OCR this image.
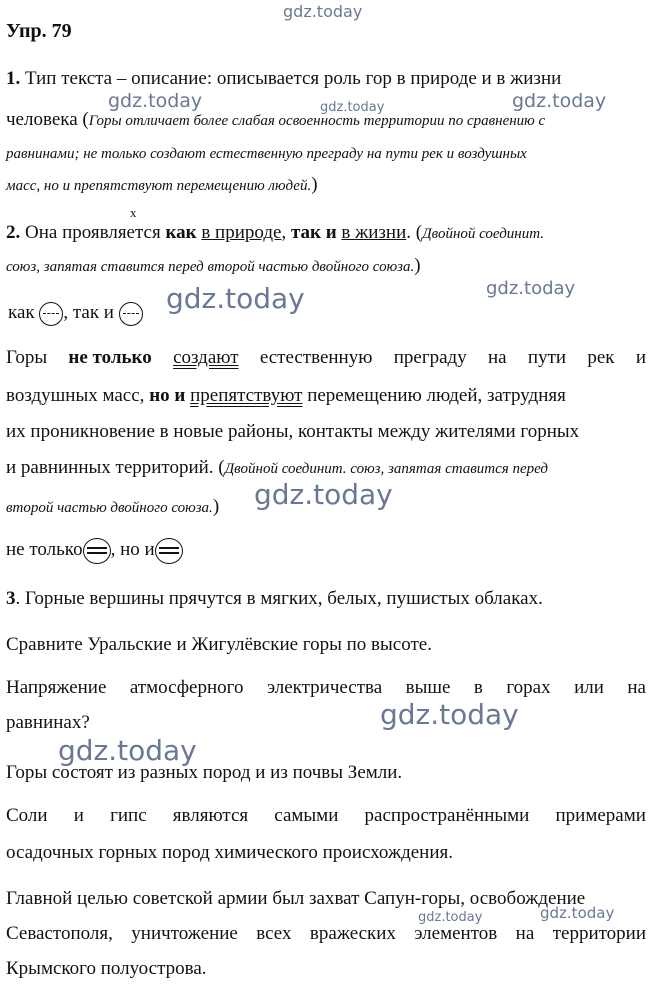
gdz.today
gdz.today	gdz.today	gdz.today
gdz.today
gdz.today
gdz.today
gdz.today
gdz.today
gdz.today	gdz.today
Упр. 79
1. Тип текста – описание: описывается роль гор в природе и в жизни
человека (Горы отличает более слабая освоенность территории по сравнению с
равнинами; не только создают естественную преграду на пути рек и воздушных
масс, но и препятствуют перемещению людей.)
x
2. Она проявляется как в природе, так и в жизни. (Двойной соединит.
союз, запятая ставится перед второй частью двойного союза.)
как , так и
Горы не только создают естественную преграду на пути рек и
воздушных масс, но и препятствуют перемещению людей, затрудняя
их проникновение в новые районы, контакты между жителями горных
и равнинных территорий. (Двойной соединит. союз, запятая ставится перед
второй частью двойного союза.)
не только , но и
3. Горные вершины прячутся в мягких, белых, пушистых облаках.
Сравните Уральские и Жигулёвские горы по высоте.
Напряжение атмосферного электричества выше в горах или на
равнинах?
Горы состоят из разных пород и из почвы Земли.
Соли и гипс являются самыми распространёнными примерами
осадочных горных пород химического происхождения.
Главной целью советской армии был захват Сапун-горы, освобождение
Севастополя, уничтожение всех вражеских элементов на территории
Крымского полуострова.
